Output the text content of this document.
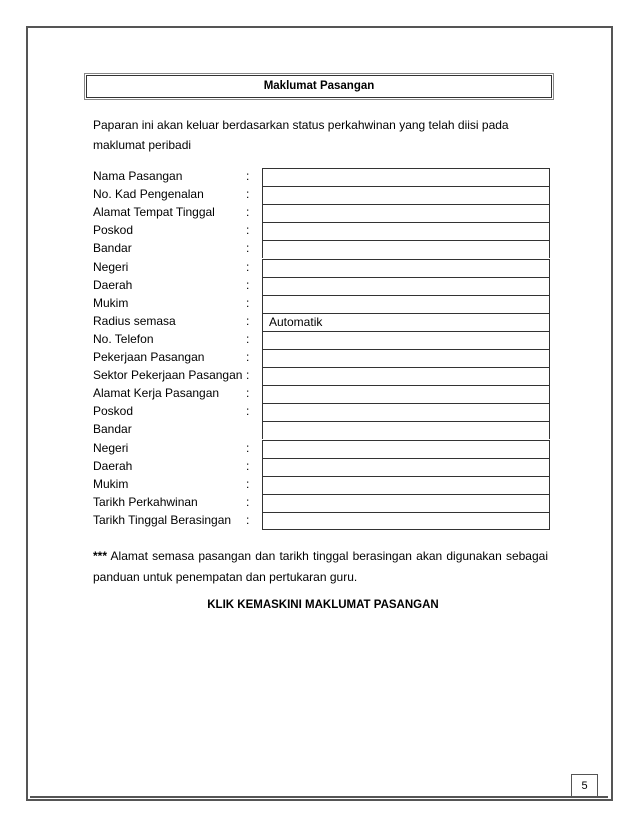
Maklumat Pasangan
Paparan ini akan keluar berdasarkan status perkahwinan yang telah diisi pada maklumat peribadi
Nama Pasangan	:
No. Kad Pengenalan	:
Alamat Tempat Tinggal	:
Poskod	:
Bandar	:
Negeri	:
Daerah	:
Mukim	:
Radius semasa	:	Automatik
No. Telefon	:
Pekerjaan Pasangan	:
Sektor Pekerjaan Pasangan :
Alamat Kerja Pasangan :
Poskod	:
Bandar
Negeri	:
Daerah	:
Mukim	:
Tarikh Perkahwinan	:
Tarikh Tinggal Berasingan :
*** Alamat semasa pasangan dan tarikh tinggal berasingan akan digunakan sebagai panduan untuk penempatan dan pertukaran guru.
KLIK KEMASKINI MAKLUMAT PASANGAN
5
